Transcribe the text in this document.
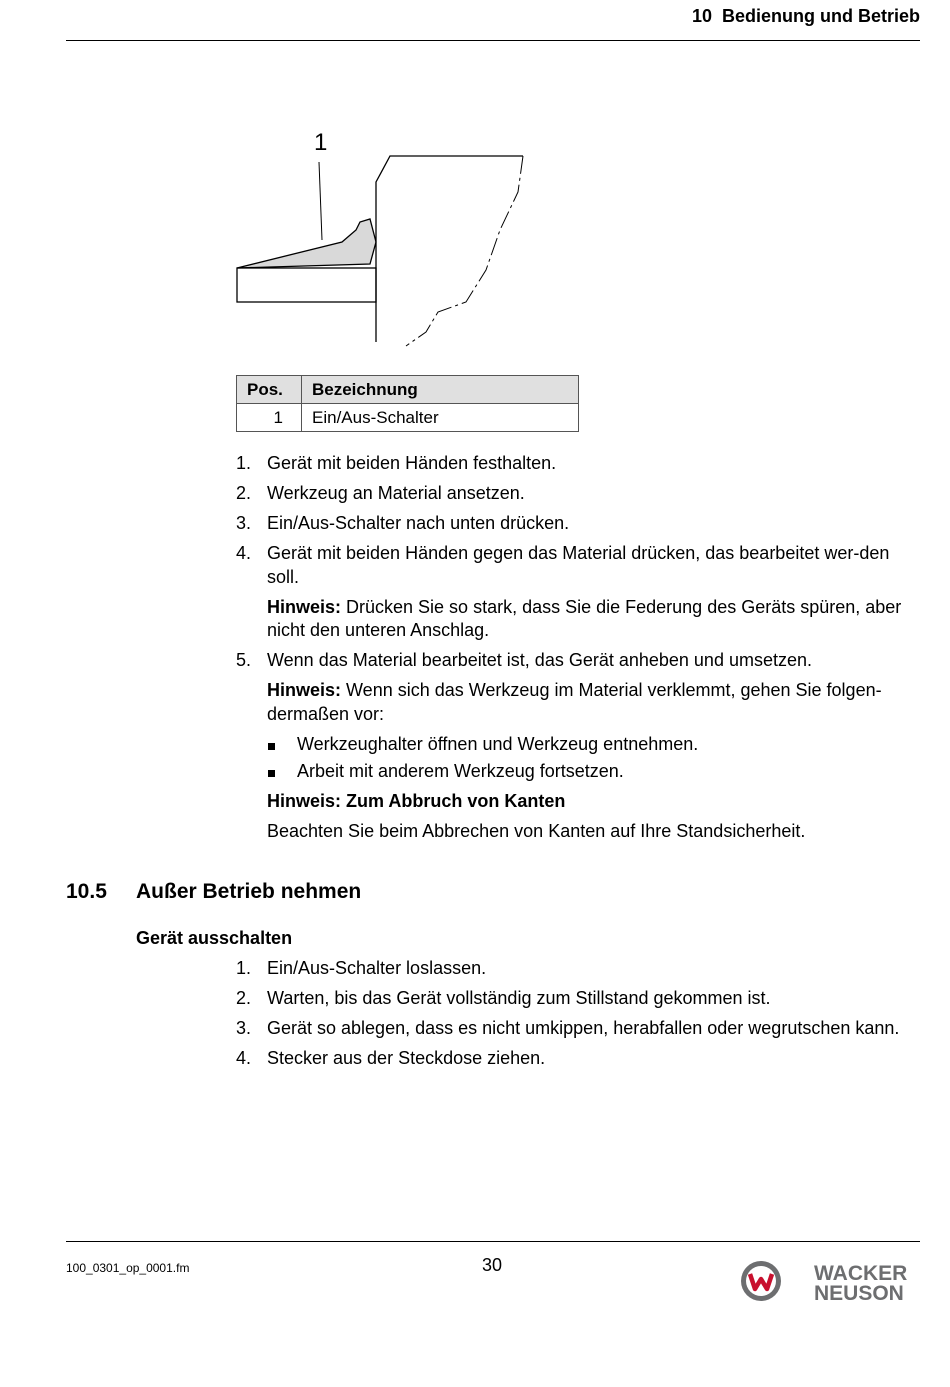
10  Bedienung und Betrieb
1
Pos.	Bezeichnung
1	Ein/Aus-Schalter
1. Gerät mit beiden Händen festhalten.
2. Werkzeug an Material ansetzen.
3. Ein/Aus-Schalter nach unten drücken.
4. Gerät mit beiden Händen gegen das Material drücken, das bearbeitet wer-den soll.
Hinweis: Drücken Sie so stark, dass Sie die Federung des Geräts spüren, aber nicht den unteren Anschlag.
5. Wenn das Material bearbeitet ist, das Gerät anheben und umsetzen.
Hinweis: Wenn sich das Werkzeug im Material verklemmt, gehen Sie folgen-dermaßen vor:
Werkzeughalter öffnen und Werkzeug entnehmen.
Arbeit mit anderem Werkzeug fortsetzen.
Hinweis: Zum Abbruch von Kanten
Beachten Sie beim Abbrechen von Kanten auf Ihre Standsicherheit.
10.5 Außer Betrieb nehmen
Gerät ausschalten
1. Ein/Aus-Schalter loslassen.
2. Warten, bis das Gerät vollständig zum Stillstand gekommen ist.
3. Gerät so ablegen, dass es nicht umkippen, herabfallen oder wegrutschen kann.
4. Stecker aus der Steckdose ziehen.
100_0301_op_0001.fm	30	WACKER
NEUSON
